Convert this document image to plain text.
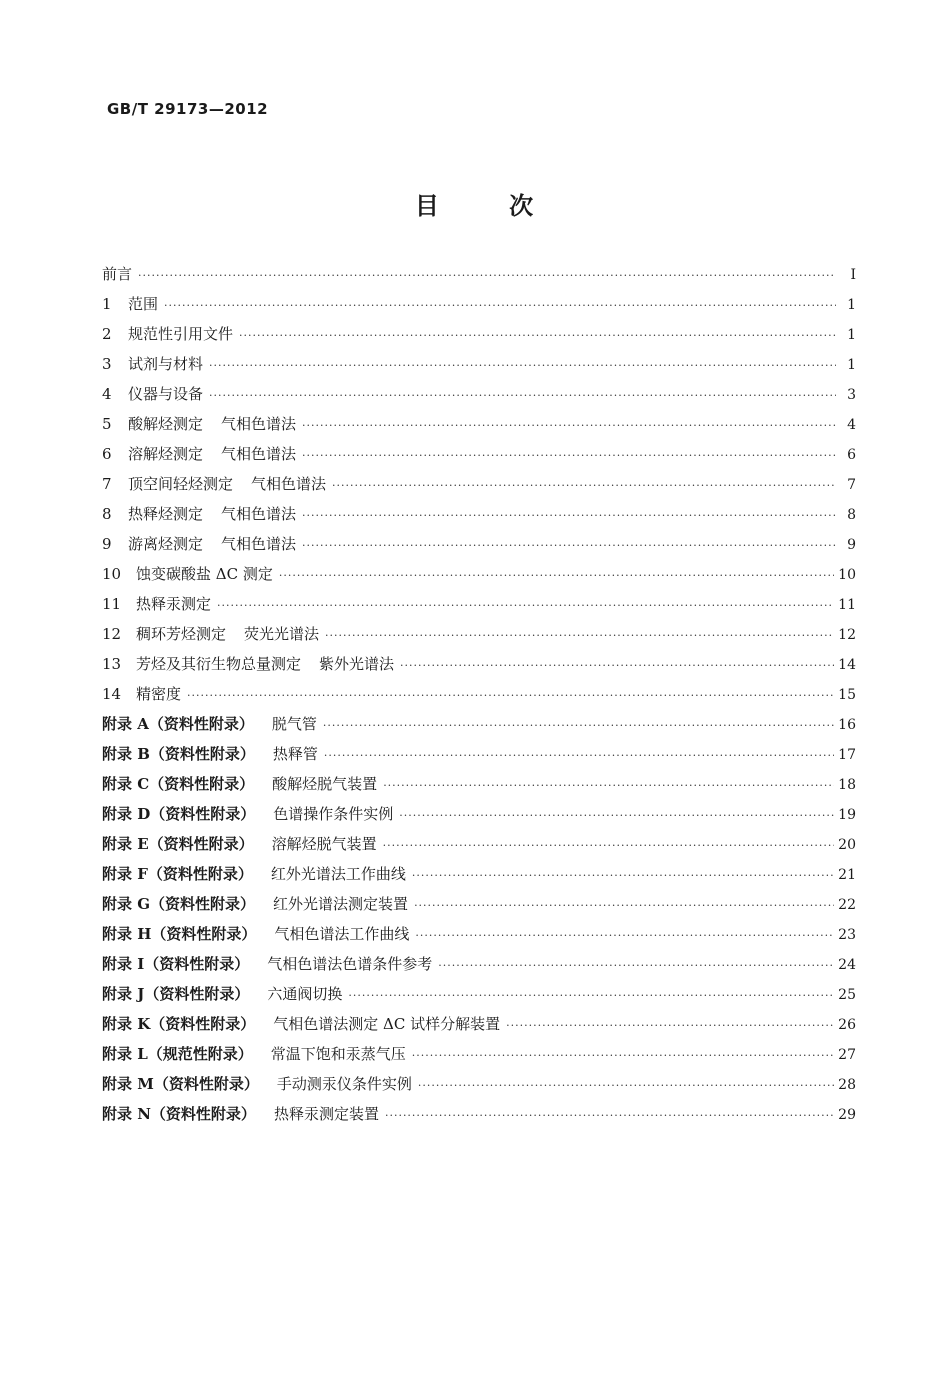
GB/T 29173—2012
目 次
前言 ·····	Ⅰ
1 范围 ·····	1
2 规范性引用文件 ·····	1
3 试剂与材料 ·····	1
4 仪器与设备 ·····	3
5 酸解烃测定 气相色谱法 ·····	4
6 溶解烃测定 气相色谱法 ·····	6
7 顶空间轻烃测定 气相色谱法 ·····	7
8 热释烃测定 气相色谱法 ·····	8
9 游离烃测定 气相色谱法 ·····	9
10 蚀变碳酸盐 ΔC 测定 ·····	10
11 热释汞测定 ·····	11
12 稠环芳烃测定 荧光光谱法 ·····	12
13 芳烃及其衍生物总量测定 紫外光谱法 ·····	14
14 精密度 ·····	15
附录 A（资料性附录） 脱气管 ·····	16
附录 B（资料性附录） 热释管 ·····	17
附录 C（资料性附录） 酸解烃脱气装置 ·····	18
附录 D（资料性附录） 色谱操作条件实例 ·····	19
附录 E（资料性附录） 溶解烃脱气装置 ·····	20
附录 F（资料性附录） 红外光谱法工作曲线 ·····	21
附录 G（资料性附录） 红外光谱法测定装置 ·····	22
附录 H（资料性附录） 气相色谱法工作曲线 ·····	23
附录 I（资料性附录） 气相色谱法色谱条件参考 ·····	24
附录 J（资料性附录） 六通阀切换 ·····	25
附录 K（资料性附录） 气相色谱法测定 ΔC 试样分解装置 ·····	26
附录 L（规范性附录） 常温下饱和汞蒸气压 ·····	27
附录 M（资料性附录） 手动测汞仪条件实例 ·····	28
附录 N（资料性附录） 热释汞测定装置 ·····	29
